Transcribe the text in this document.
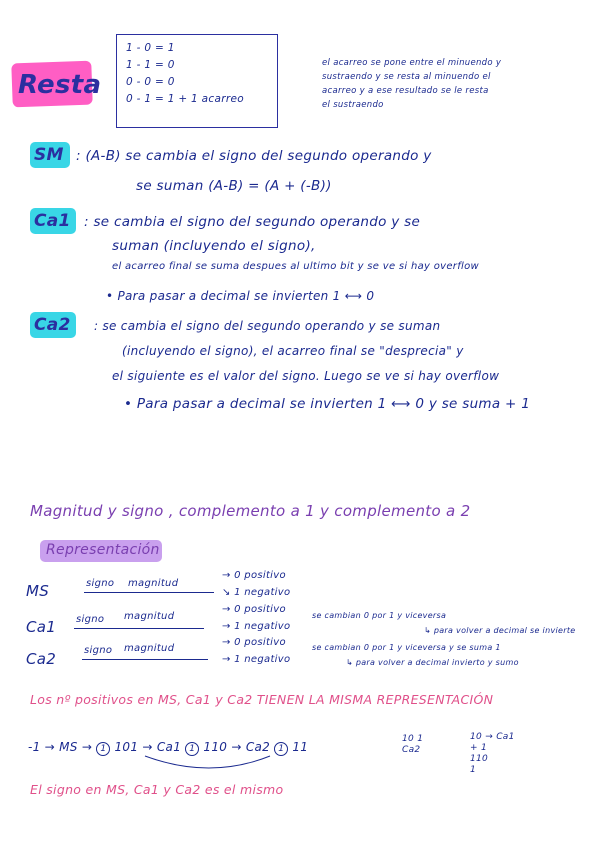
Resta
1 - 0 = 1
1 - 1 = 0
0 - 0 = 0
0 - 1 = 1 + 1 acarreo
el acarreo se pone entre el minuendo y
sustraendo y se resta al minuendo el
acarreo y a ese resultado se le resta
el sustraendo
SM : (A-B) se cambia el signo del segundo operando y
se suman (A-B) = (A + (-B))
Ca1 : se cambia el signo del segundo operando y se
suman (incluyendo el signo),
el acarreo final se suma despues al ultimo bit y se ve si hay overflow
• Para pasar a decimal se invierten 1 ⟷ 0
Ca2 : se cambia el signo del segundo operando y se suman
(incluyendo el signo), el acarreo final se "desprecia" y
el siguiente es el valor del signo. Luego se ve si hay overflow
• Para pasar a decimal se invierten 1 ⟷ 0 y se suma + 1
Magnitud y signo , complemento a 1 y complemento a 2
Representación
MS	signo magnitud
→ 0 positivo
↘ 1 negativo
Ca1 signo magnitud
→ 0 positivo
→ 1 negativo
se cambian 0 por 1 y viceversa
↳ para volver a decimal se invierte
Ca2	signo magnitud
→ 0 positivo
→ 1 negativo
se cambian 0 por 1 y viceversa y se suma 1
↳ para volver a decimal invierto y sumo
Los nº positivos en MS, Ca1 y Ca2 TIENEN LA MISMA REPRESENTACIÓN
-1 → MS → 1 101 → Ca1 1 110 → Ca2 1 11
10 1
Ca2
10 → Ca1
+ 1
110
1
El signo en MS, Ca1 y Ca2 es el mismo
